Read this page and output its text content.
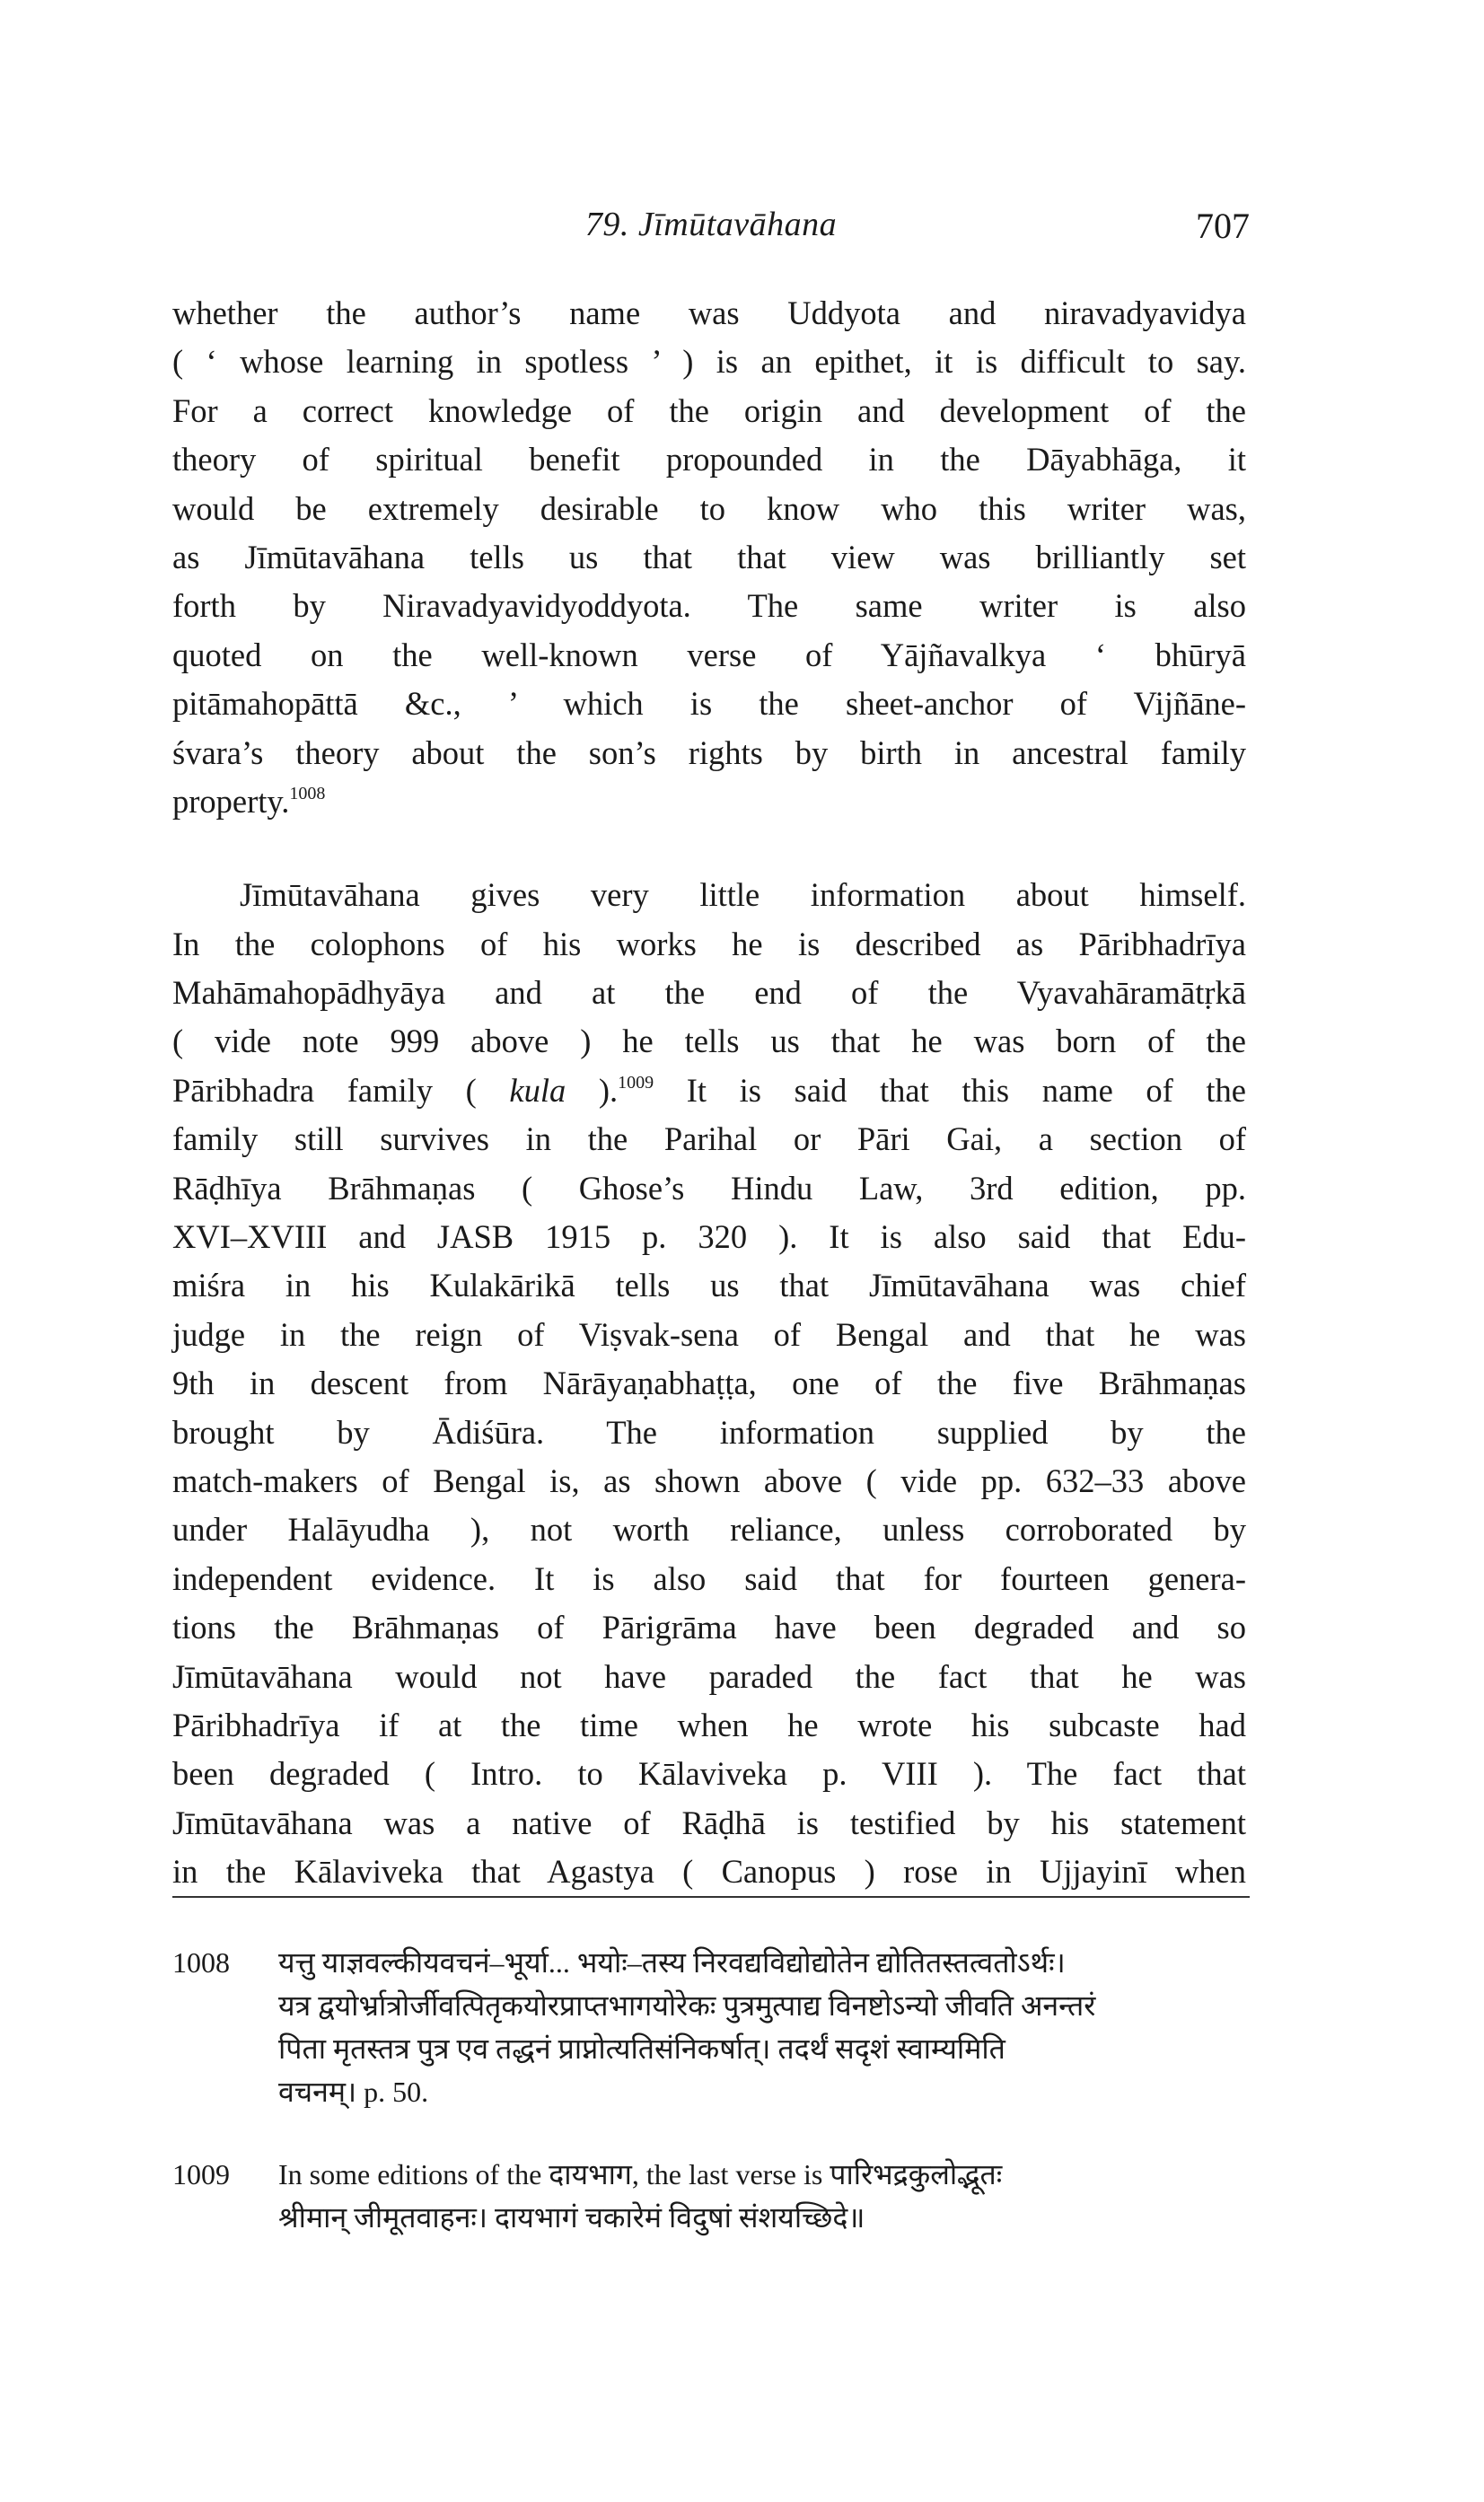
79. Jīmūtavāhana	707
whether the author’s name was Uddyota and niravadyavidya
( ‘ whose learning in spotless ’ ) is an epithet, it is difficult to say.
For a correct knowledge of the origin and development of the
theory of spiritual benefit propounded in the Dāyabhāga, it
would be extremely desirable to know who this writer was,
as Jīmūtavāhana tells us that that view was brilliantly set
forth by Niravadyavidyoddyota. The same writer is also
quoted on the well-known verse of Yājñavalkya ‘ bhūryā
pitāmahopāttā &c., ’ which is the sheet-anchor of Vijñāne-
śvara’s theory about the son’s rights by birth in ancestral family
property.$^{1008}$
Jīmūtavāhana gives very little information about himself.
In the colophons of his works he is described as Pāribhadrīya
Mahāmahopādhyāya and at the end of the Vyavahāramātṛkā
( vide note 999 above ) he tells us that he was born of the
Pāribhadra family ( kula ).$^{1009}$ It is said that this name of the
family still survives in the Parihal or Pāri Gai, a section of
Rāḍhīya Brāhmaṇas ( Ghose’s Hindu Law, 3rd edition, pp.
XVI–XVIII and JASB 1915 p. 320 ). It is also said that Edu-
miśra in his Kulakārikā tells us that Jīmūtavāhana was chief
judge in the reign of Viṣvak-sena of Bengal and that he was
9th in descent from Nārāyaṇabhaṭṭa, one of the five Brāhmaṇas
brought by Ādiśūra. The information supplied by the
match-makers of Bengal is, as shown above ( vide pp. 632–33 above
under Halāyudha ), not worth reliance, unless corroborated by
independent evidence. It is also said that for fourteen genera-
tions the Brāhmaṇas of Pārigrāma have been degraded and so
Jīmūtavāhana would not have paraded the fact that he was
Pāribhadrīya if at the time when he wrote his subcaste had
been degraded ( Intro. to Kālaviveka p. VIII ). The fact that
Jīmūtavāhana was a native of Rāḍhā is testified by his statement
in the Kālaviveka that Agastya ( Canopus ) rose in Ujjayinī when
1008	यत्तु याज्ञवल्कीयवचनं–भूर्या... भयोः–तस्य निरवद्यविद्योद्योतेन द्योतितस्तत्वतोऽर्थः।
यत्र द्वयोर्भ्रात्रोर्जीवत्पितृकयोरप्राप्तभागयोरेकः पुत्रमुत्पाद्य विनष्टोऽन्यो जीवति अनन्तरं
पिता मृतस्तत्र पुत्र एव तद्धनं प्राप्नोत्यतिसंनिकर्षात्। तदर्थं सदृशं स्वाम्यमिति
वचनम्। p. 50.
1009	In some editions of the दायभाग, the last verse is पारिभद्रकुलोद्भूतः
श्रीमान् जीमूतवाहनः। दायभागं चकारेमं विदुषां संशयच्छिदे॥
